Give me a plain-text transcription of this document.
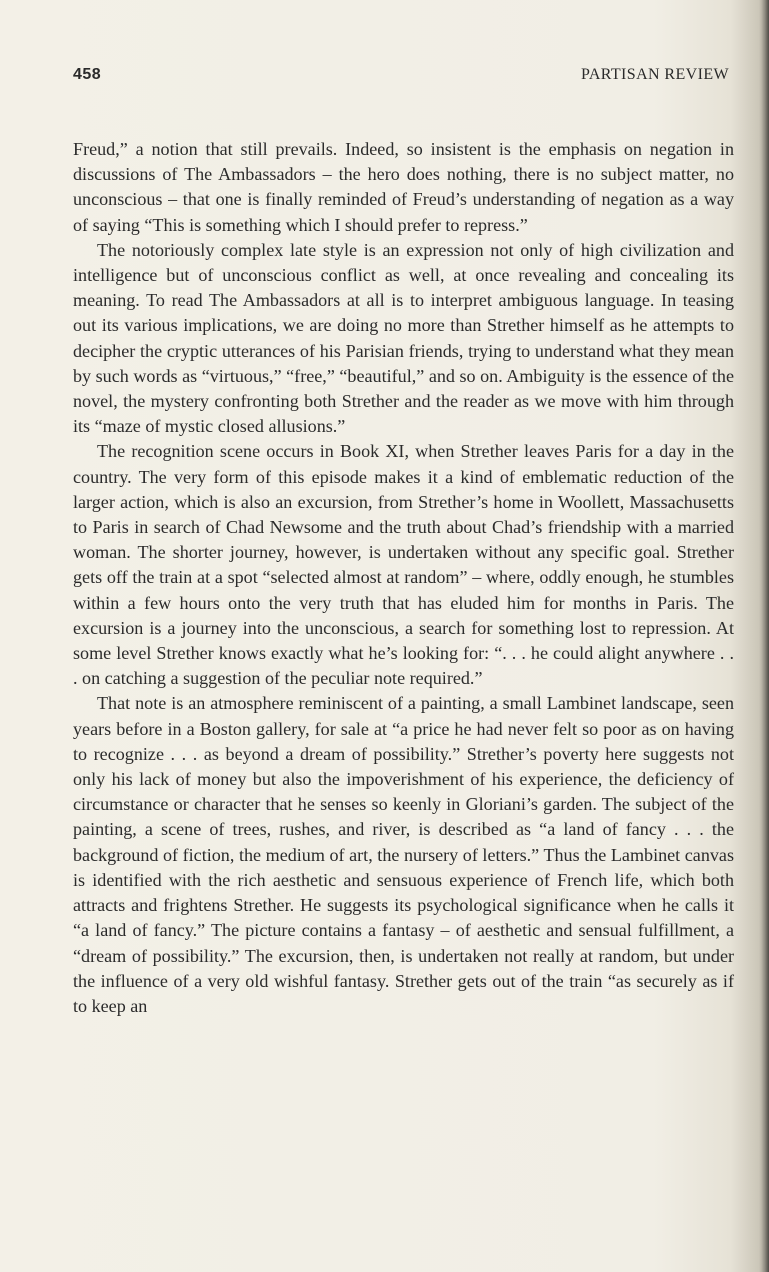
458	PARTISAN REVIEW

Freud,” a notion that still prevails. Indeed, so insistent is the emphasis on negation in discussions of The Ambassadors – the hero does nothing, there is no subject matter, no unconscious – that one is finally reminded of Freud’s understanding of negation as a way of saying “This is something which I should prefer to repress.”

The notoriously complex late style is an expression not only of high civilization and intelligence but of unconscious conflict as well, at once revealing and concealing its meaning. To read The Ambassadors at all is to interpret ambiguous language. In teasing out its various implications, we are doing no more than Strether himself as he attempts to decipher the cryptic utterances of his Parisian friends, trying to understand what they mean by such words as “virtuous,” “free,” “beautiful,” and so on. Ambiguity is the essence of the novel, the mystery confronting both Strether and the reader as we move with him through its “maze of mystic closed allusions.”

The recognition scene occurs in Book XI, when Strether leaves Paris for a day in the country. The very form of this episode makes it a kind of emblematic reduction of the larger action, which is also an excursion, from Strether’s home in Woollett, Massachusetts to Paris in search of Chad Newsome and the truth about Chad’s friendship with a married woman. The shorter journey, however, is undertaken without any specific goal. Strether gets off the train at a spot “selected almost at random” – where, oddly enough, he stumbles within a few hours onto the very truth that has eluded him for months in Paris. The excursion is a journey into the unconscious, a search for something lost to repression. At some level Strether knows exactly what he’s looking for: “. . . he could alight anywhere . . . on catching a suggestion of the peculiar note required.”

That note is an atmosphere reminiscent of a painting, a small Lambinet landscape, seen years before in a Boston gallery, for sale at “a price he had never felt so poor as on having to recognize . . . as beyond a dream of possibility.” Strether’s poverty here suggests not only his lack of money but also the impoverishment of his experience, the deficiency of circumstance or character that he senses so keenly in Gloriani’s garden. The subject of the painting, a scene of trees, rushes, and river, is described as “a land of fancy . . . the background of fiction, the medium of art, the nursery of letters.” Thus the Lambinet canvas is identified with the rich aesthetic and sensuous experience of French life, which both attracts and frightens Strether. He suggests its psychological significance when he calls it “a land of fancy.” The picture contains a fantasy – of aesthetic and sensual fulfillment, a “dream of possibility.” The excursion, then, is undertaken not really at random, but under the influence of a very old wishful fantasy. Strether gets out of the train “as securely as if to keep an
